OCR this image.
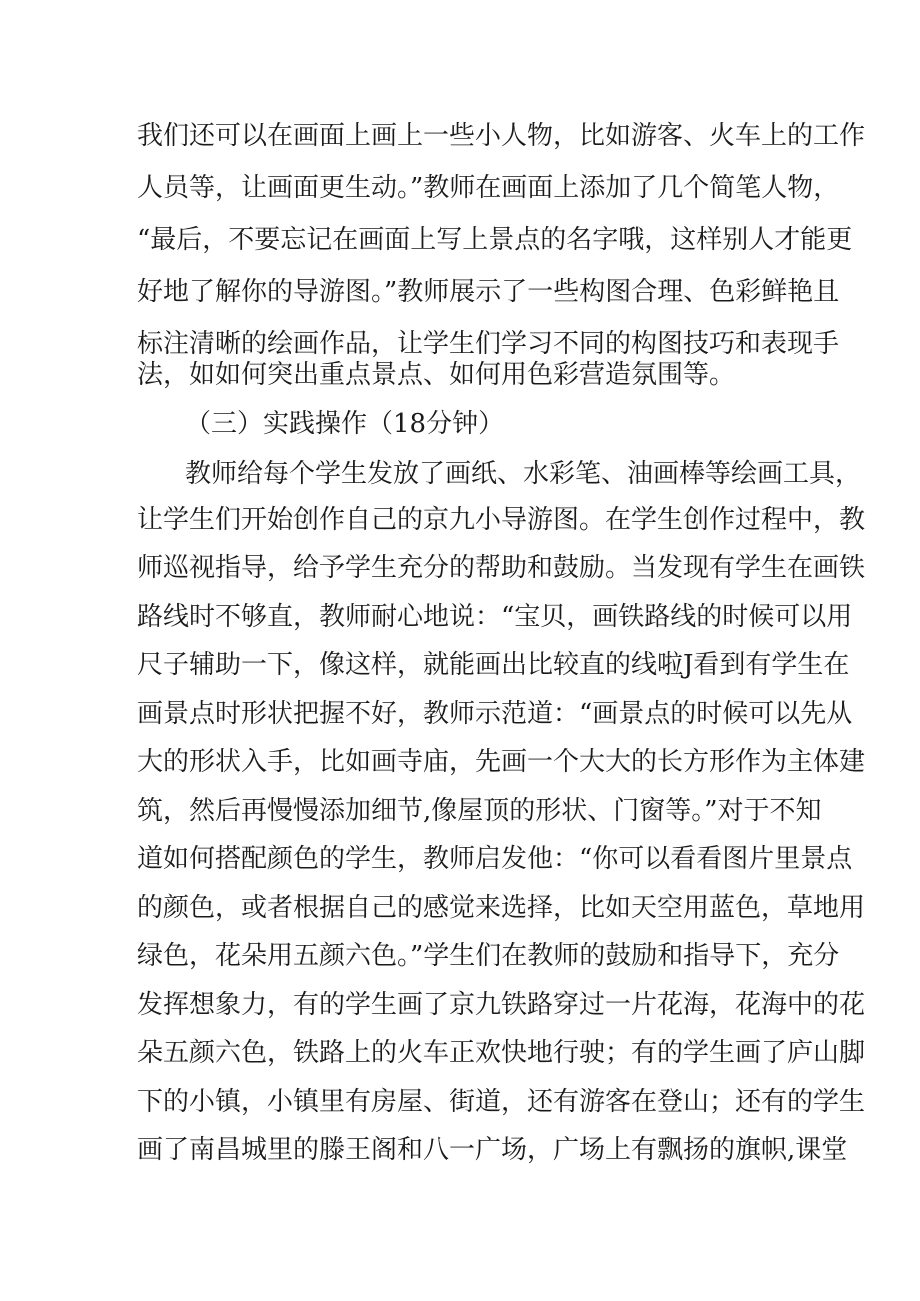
我们还可以在画面上画上一些小人物，比如游客、火车上的工作
人员等，让画面更生动。”教师在画面上添加了几个简笔人物，
“最后，不要忘记在画面上写上景点的名字哦，这样别人才能更
好地了解你的导游图。”教师展示了一些构图合理、色彩鲜艳且
标注清晰的绘画作品，让学生们学习不同的构图技巧和表现手
法，如如何突出重点景点、如何用色彩营造氛围等。
（三）实践操作（18分钟）
教师给每个学生发放了画纸、水彩笔、油画棒等绘画工具，
让学生们开始创作自己的京九小导游图。在学生创作过程中，教
师巡视指导，给予学生充分的帮助和鼓励。当发现有学生在画铁
路线时不够直，教师耐心地说：“宝贝，画铁路线的时候可以用
尺子辅助一下，像这样，就能画出比较直的线啦J看到有学生在
画景点时形状把握不好，教师示范道：“画景点的时候可以先从
大的形状入手，比如画寺庙，先画一个大大的长方形作为主体建
筑，然后再慢慢添加细节,像屋顶的形状、门窗等。”对于不知
道如何搭配颜色的学生，教师启发他：“你可以看看图片里景点
的颜色，或者根据自己的感觉来选择，比如天空用蓝色，草地用
绿色，花朵用五颜六色。”学生们在教师的鼓励和指导下，充分
发挥想象力，有的学生画了京九铁路穿过一片花海，花海中的花
朵五颜六色，铁路上的火车正欢快地行驶；有的学生画了庐山脚
下的小镇，小镇里有房屋、街道，还有游客在登山；还有的学生
画了南昌城里的滕王阁和八一广场，广场上有飘扬的旗帜,课堂
